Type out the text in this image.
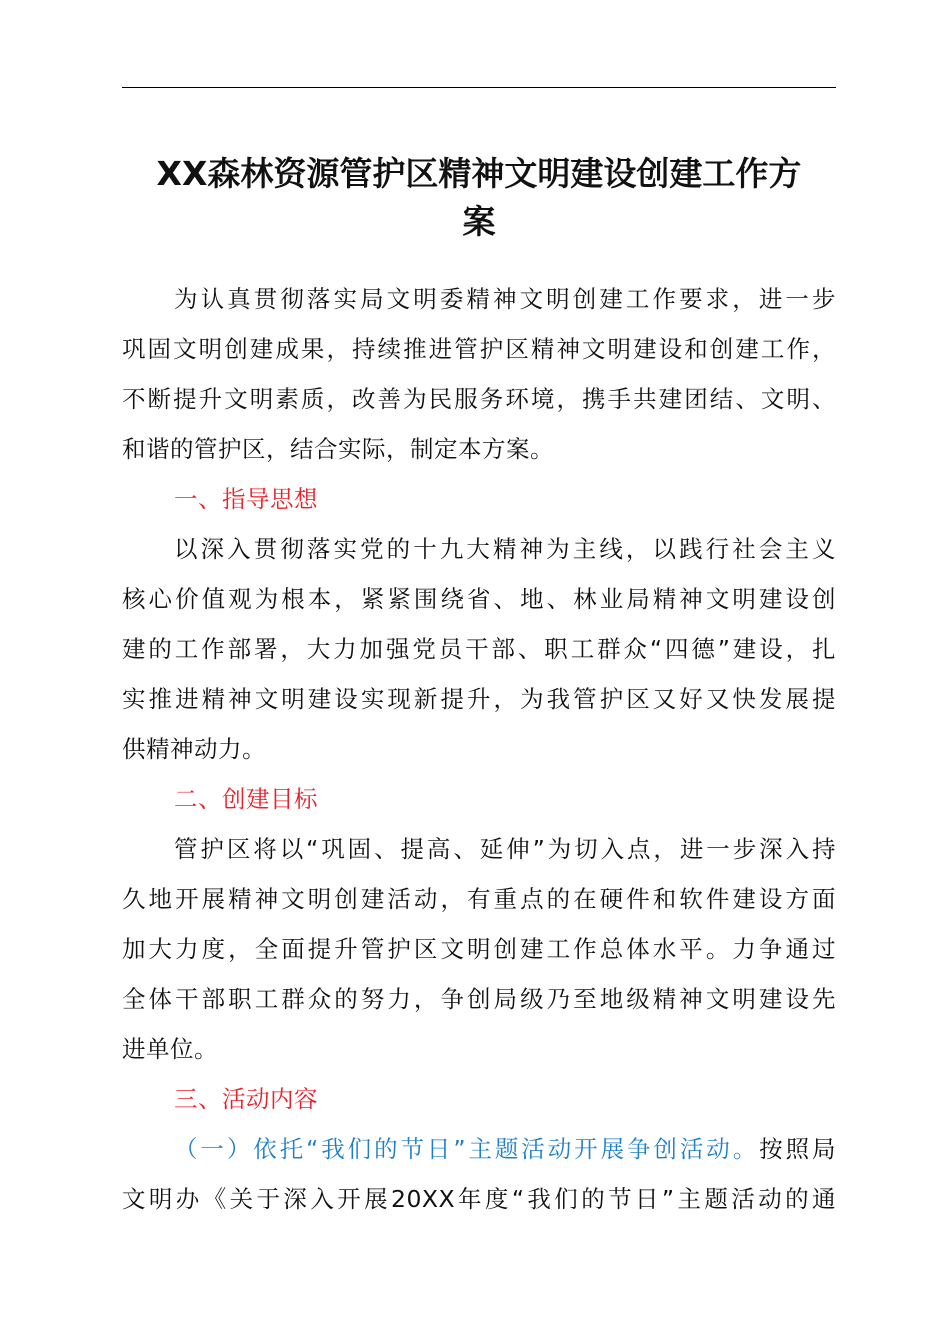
XX森林资源管护区精神文明建设创建工作方
案
为认真贯彻落实局文明委精神文明创建工作要求，进一步
巩固文明创建成果，持续推进管护区精神文明建设和创建工作，
不断提升文明素质，改善为民服务环境，携手共建团结、文明、
和谐的管护区，结合实际，制定本方案。
一、指导思想
以深入贯彻落实党的十九大精神为主线，以践行社会主义
核心价值观为根本，紧紧围绕省、地、林业局精神文明建设创
建的工作部署，大力加强党员干部、职工群众“四德”建设，扎
实推进精神文明建设实现新提升，为我管护区又好又快发展提
供精神动力。
二、创建目标
管护区将以“巩固、提高、延伸”为切入点，进一步深入持
久地开展精神文明创建活动，有重点的在硬件和软件建设方面
加大力度，全面提升管护区文明创建工作总体水平。力争通过
全体干部职工群众的努力，争创局级乃至地级精神文明建设先
进单位。
三、活动内容
（一）依托“我们的节日”主题活动开展争创活动。按照局
文明办《关于深入开展20XX年度“我们的节日”主题活动的通
